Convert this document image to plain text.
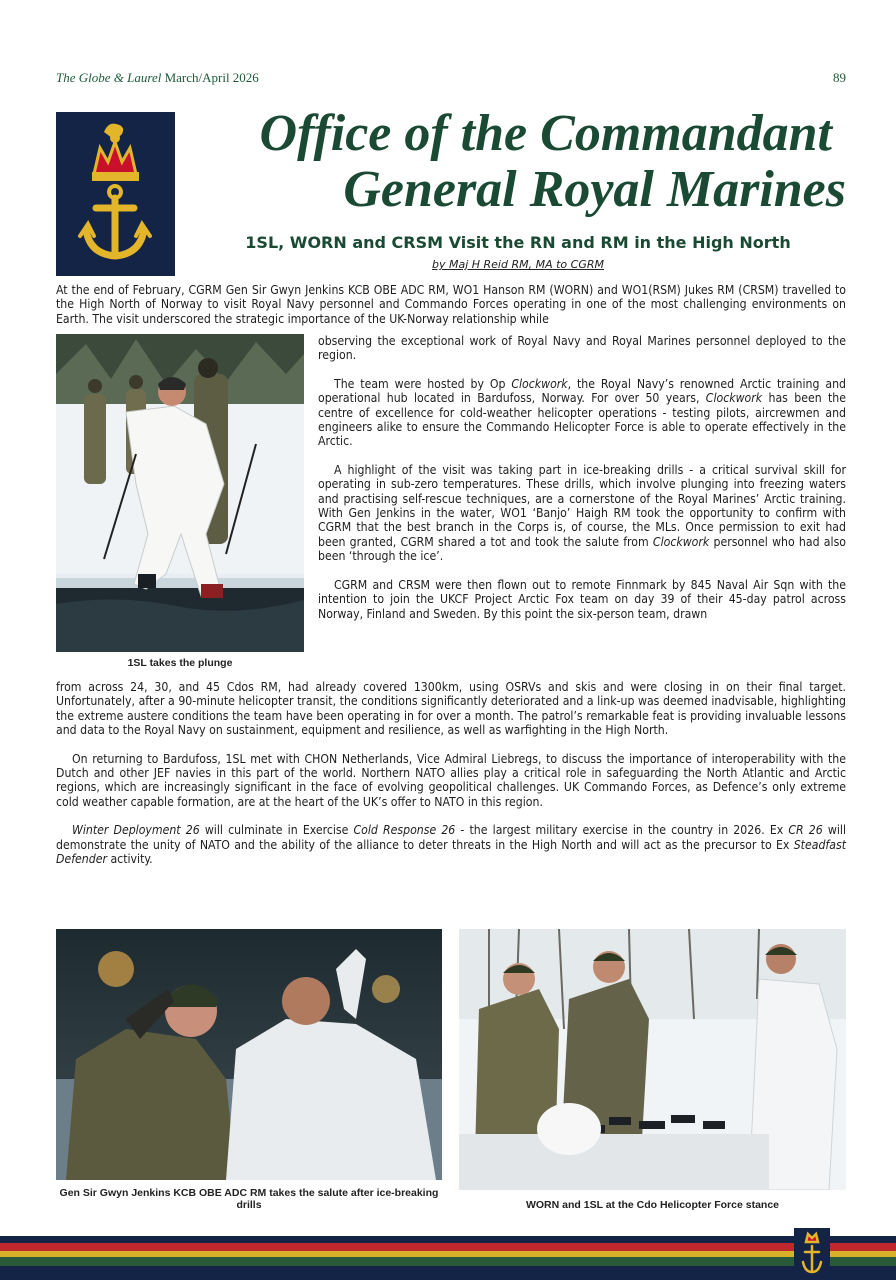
The Globe & Laurel March/April 2026	89
Office of the Commandant
General Royal Marines
1SL, WORN and CRSM Visit the RN and RM in the High North
by Maj H Reid RM, MA to CGRM
At the end of February, CGRM Gen Sir Gwyn Jenkins KCB OBE ADC RM, WO1 Hanson RM (WORN) and WO1(RSM) Jukes RM (CRSM) travelled to the High North of Norway to visit Royal Navy personnel and Commando Forces operating in one of the most challenging environments on Earth. The visit underscored the strategic importance of the UK-Norway relationship while
1SL takes the plunge
observing the exceptional work of Royal Navy and Royal Marines personnel deployed to the region.
The team were hosted by Op Clockwork, the Royal Navy’s renowned Arctic training and operational hub located in Bardufoss, Norway. For over 50 years, Clockwork has been the centre of excellence for cold-weather helicopter operations - testing pilots, aircrewmen and engineers alike to ensure the Commando Helicopter Force is able to operate effectively in the Arctic.
A highlight of the visit was taking part in ice-breaking drills - a critical survival skill for operating in sub-zero temperatures. These drills, which involve plunging into freezing waters and practising self-rescue techniques, are a cornerstone of the Royal Marines’ Arctic training. With Gen Jenkins in the water, WO1 ‘Banjo’ Haigh RM took the opportunity to confirm with CGRM that the best branch in the Corps is, of course, the MLs. Once permission to exit had been granted, CGRM shared a tot and took the salute from Clockwork personnel who had also been ‘through the ice’.
CGRM and CRSM were then flown out to remote Finnmark by 845 Naval Air Sqn with the intention to join the UKCF Project Arctic Fox team on day 39 of their 45-day patrol across Norway, Finland and Sweden. By this point the six-person team, drawn
from across 24, 30, and 45 Cdos RM, had already covered 1300km, using OSRVs and skis and were closing in on their final target. Unfortunately, after a 90-minute helicopter transit, the conditions significantly deteriorated and a link-up was deemed inadvisable, highlighting the extreme austere conditions the team have been operating in for over a month. The patrol’s remarkable feat is providing invaluable lessons and data to the Royal Navy on sustainment, equipment and resilience, as well as warfighting in the High North.
On returning to Bardufoss, 1SL met with CHON Netherlands, Vice Admiral Liebregs, to discuss the importance of interoperability with the Dutch and other JEF navies in this part of the world. Northern NATO allies play a critical role in safeguarding the North Atlantic and Arctic regions, which are increasingly significant in the face of evolving geopolitical challenges. UK Commando Forces, as Defence’s only extreme cold weather capable formation, are at the heart of the UK’s offer to NATO in this region.
Winter Deployment 26 will culminate in Exercise Cold Response 26 - the largest military exercise in the country in 2026. Ex CR 26 will demonstrate the unity of NATO and the ability of the alliance to deter threats in the High North and will act as the precursor to Ex Steadfast Defender activity.
Gen Sir Gwyn Jenkins KCB OBE ADC RM takes the salute after ice-breaking drills	WORN and 1SL at the Cdo Helicopter Force stance
